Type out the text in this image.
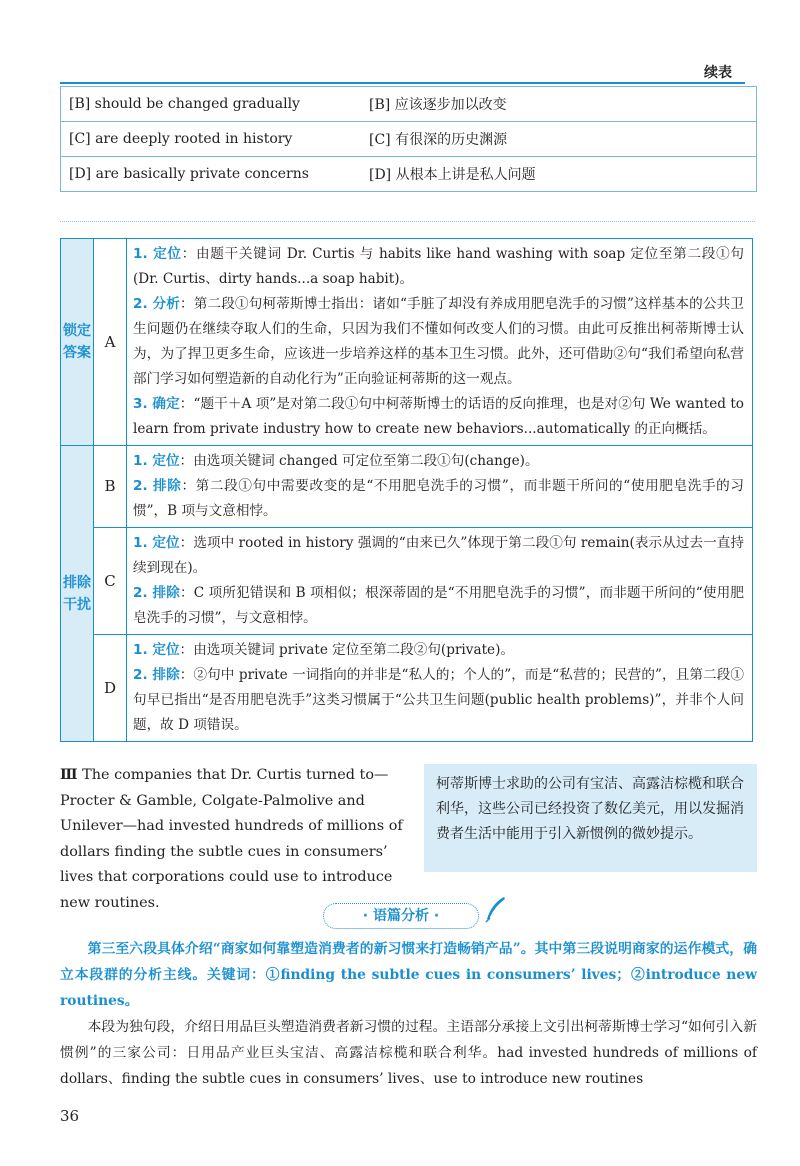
续表
[B] should be changed gradually	[B] 应该逐步加以改变
[C] are deeply rooted in history	[C] 有很深的历史渊源
[D] are basically private concerns	[D] 从根本上讲是私人问题
锁定答案	A	1. 定位：由题干关键词 Dr. Curtis 与 habits like hand washing with soap 定位至第二段①句(Dr. Curtis、dirty hands...a soap habit)。
2. 分析：第二段①句柯蒂斯博士指出：诸如“手脏了却没有养成用肥皂洗手的习惯”这样基本的公共卫生问题仍在继续夺取人们的生命，只因为我们不懂如何改变人们的习惯。由此可反推出柯蒂斯博士认为，为了捍卫更多生命，应该进一步培养这样的基本卫生习惯。此外，还可借助②句“我们希望向私营部门学习如何塑造新的自动化行为”正向验证柯蒂斯的这一观点。
3. 确定：“题干＋A 项”是对第二段①句中柯蒂斯博士的话语的反向推理，也是对②句 We wanted to learn from private industry how to create new behaviors...automatically 的正向概括。

排除干扰	B	1. 定位：由选项关键词 changed 可定位至第二段①句(change)。
2. 排除：第二段①句中需要改变的是“不用肥皂洗手的习惯”，而非题干所问的“使用肥皂洗手的习惯”，B 项与文意相悖。

	C	1. 定位：选项中 rooted in history 强调的“由来已久”体现于第二段①句 remain(表示从过去一直持续到现在)。
2. 排除：C 项所犯错误和 B 项相似；根深蒂固的是“不用肥皂洗手的习惯”，而非题干所问的“使用肥皂洗手的习惯”，与文意相悖。

	D	1. 定位：由选项关键词 private 定位至第二段②句(private)。
2. 排除：②句中 private 一词指向的并非是“私人的；个人的”，而是“私营的；民营的”，且第二段①句早已指出“是否用肥皂洗手”这类习惯属于“公共卫生问题(public health problems)”，并非个人问题，故 D 项错误。
Ⅲ The companies that Dr. Curtis turned to—Procter & Gamble, Colgate-Palmolive and Unilever—had invested hundreds of millions of dollars finding the subtle cues in consumers’ lives that corporations could use to introduce new routines.
柯蒂斯博士求助的公司有宝洁、高露洁棕榄和联合利华，这些公司已经投资了数亿美元，用以发掘消费者生活中能用于引入新惯例的微妙提示。
· 语篇分析 ·
第三至六段具体介绍“商家如何靠塑造消费者的新习惯来打造畅销产品”。其中第三段说明商家的运作模式，确立本段群的分析主线。关键词：①finding the subtle cues in consumers’ lives；②introduce new routines。
本段为独句段，介绍日用品巨头塑造消费者新习惯的过程。主语部分承接上文引出柯蒂斯博士学习“如何引入新惯例”的三家公司：日用品产业巨头宝洁、高露洁棕榄和联合利华。had invested hundreds of millions of dollars、finding the subtle cues in consumers’ lives、use to introduce new routines
36
